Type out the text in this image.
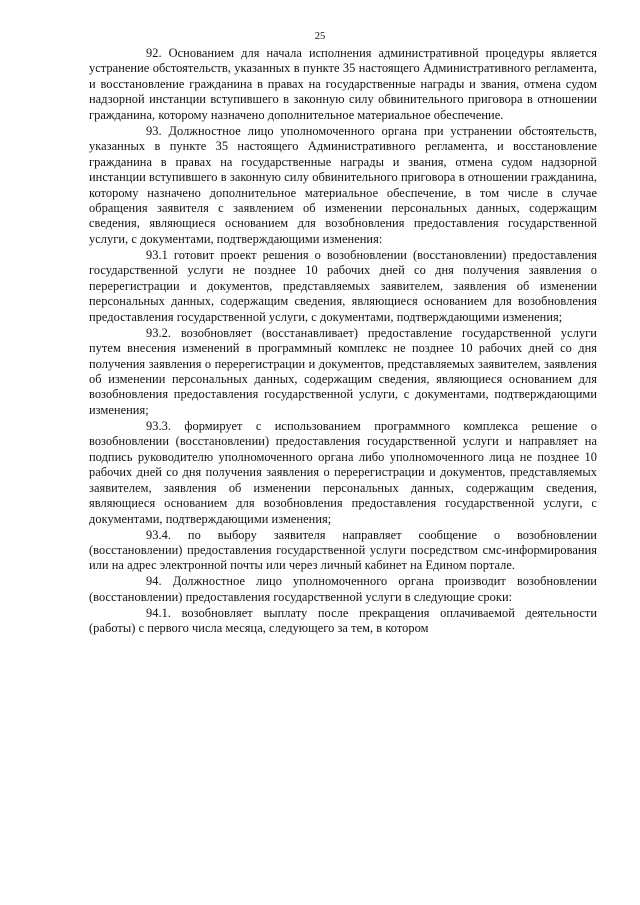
25

92. Основанием для начала исполнения административной процедуры является устранение обстоятельств, указанных в пункте 35 настоящего Административного регламента, и восстановление гражданина в правах на государственные награды и звания, отмена судом надзорной инстанции вступившего в законную силу обвинительного приговора в отношении гражданина, которому назначено дополнительное материальное обеспечение.

93. Должностное лицо уполномоченного органа при устранении обстоятельств, указанных в пункте 35 настоящего Административного регламента, и восстановление гражданина в правах на государственные награды и звания, отмена судом надзорной инстанции вступившего в законную силу обвинительного приговора в отношении гражданина, которому назначено дополнительное материальное обеспечение, в том числе в случае обращения заявителя с заявлением об изменении персональных данных, содержащим сведения, являющиеся основанием для возобновления предоставления государственной услуги, с документами, подтверждающими изменения:

93.1 готовит проект решения о возобновлении (восстановлении) предоставления государственной услуги не позднее 10 рабочих дней со дня получения заявления о перерегистрации и документов, представляемых заявителем, заявления об изменении персональных данных, содержащим сведения, являющиеся основанием для возобновления предоставления государственной услуги, с документами, подтверждающими изменения;

93.2. возобновляет (восстанавливает) предоставление государственной услуги путем внесения изменений в программный комплекс не позднее 10 рабочих дней со дня получения заявления о перерегистрации и документов, представляемых заявителем, заявления об изменении персональных данных, содержащим сведения, являющиеся основанием для возобновления предоставления государственной услуги, с документами, подтверждающими изменения;

93.3. формирует с использованием программного комплекса решение о возобновлении (восстановлении) предоставления государственной услуги и направляет на подпись руководителю уполномоченного органа либо уполномоченного лица не позднее 10 рабочих дней со дня получения заявления о перерегистрации и документов, представляемых заявителем, заявления об изменении персональных данных, содержащим сведения, являющиеся основанием для возобновления предоставления государственной услуги, с документами, подтверждающими изменения;

93.4. по выбору заявителя направляет сообщение о возобновлении (восстановлении) предоставления государственной услуги посредством смс-информирования или на адрес электронной почты или через личный кабинет на Едином портале.

94. Должностное лицо уполномоченного органа производит возобновлении (восстановлении) предоставления государственной услуги в следующие сроки:

94.1. возобновляет выплату после прекращения оплачиваемой деятельности (работы) с первого числа месяца, следующего за тем, в котором
